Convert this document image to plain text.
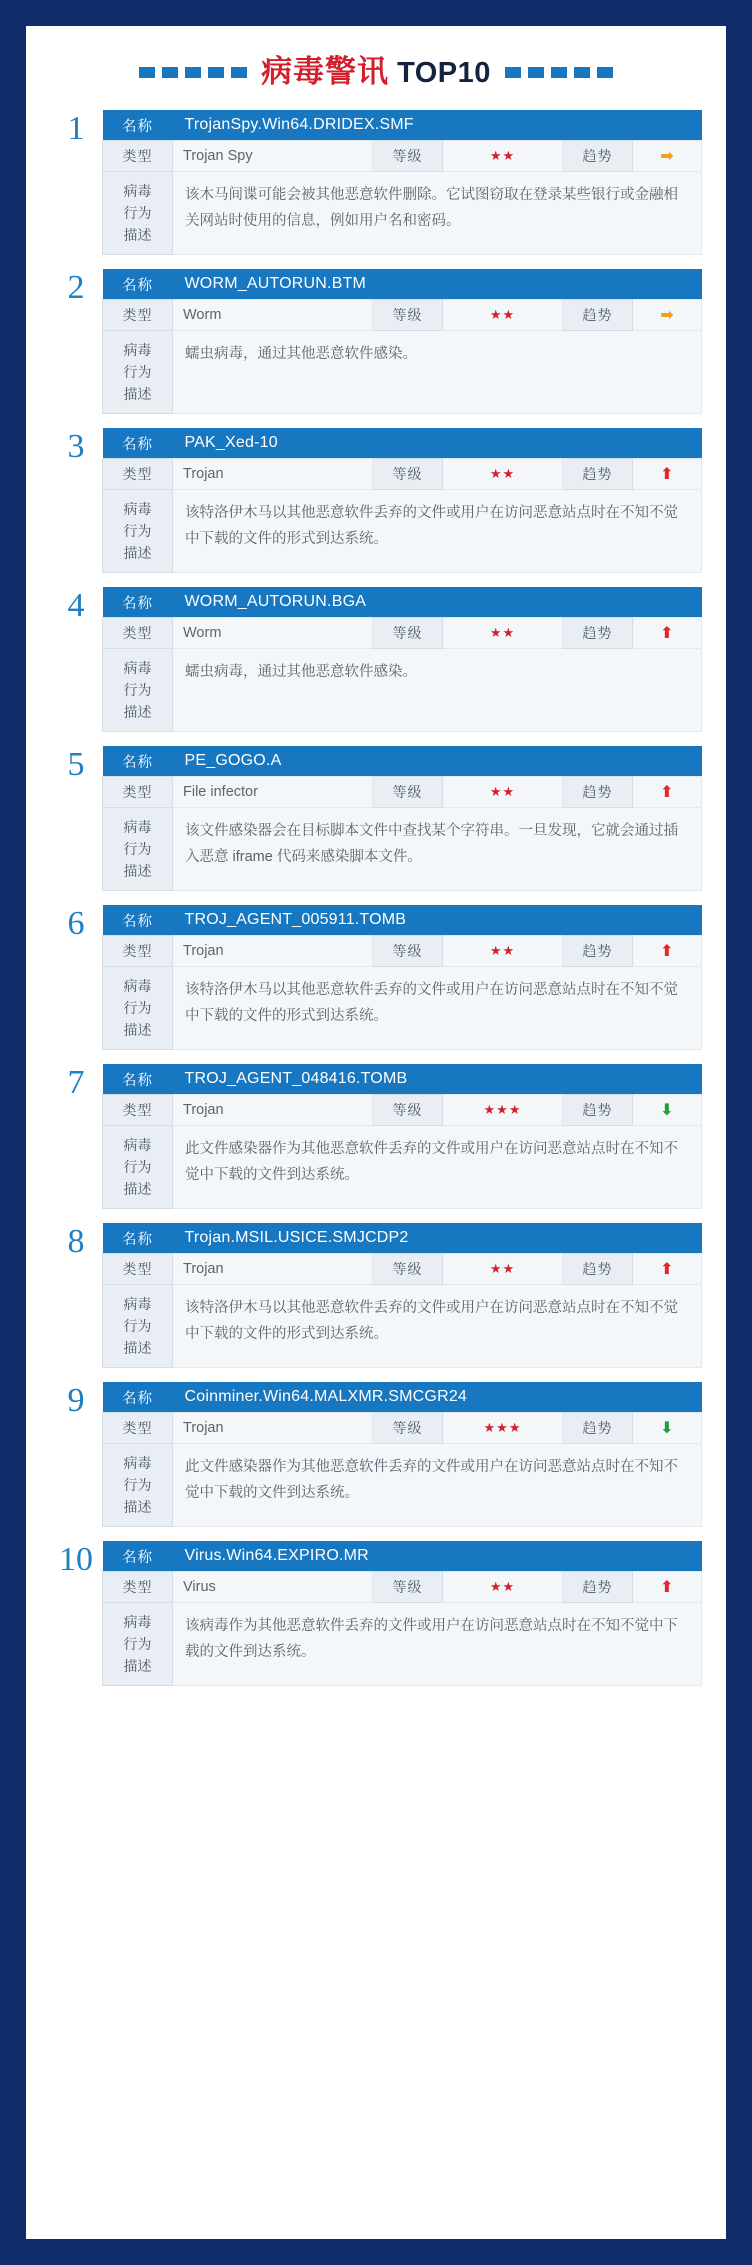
病毒警讯 TOP10
1	名称	TrojanSpy.Win64.DRIDEX.SMF				
类型	Trojan Spy	等级	★★	趋势	➡

病毒
行为
描述	该木马间谍可能会被其他恶意软件删除。它试图窃取在登录某些银行或金融相关网站时使用的信息，例如用户名和密码。				
2	名称	WORM_AUTORUN.BTM				
类型	Worm	等级	★★	趋势	➡

病毒
行为
描述	蠕虫病毒，通过其他恶意软件感染。				
3	名称	PAK_Xed-10				
类型	Trojan	等级	★★	趋势	⬆

病毒
行为
描述	该特洛伊木马以其他恶意软件丢弃的文件或用户在访问恶意站点时在不知不觉中下载的文件的形式到达系统。				
4	名称	WORM_AUTORUN.BGA				
类型	Worm	等级	★★	趋势	⬆

病毒
行为
描述	蠕虫病毒，通过其他恶意软件感染。				
5	名称	PE_GOGO.A				
类型	File infector	等级	★★	趋势	⬆

病毒
行为
描述	该文件感染器会在目标脚本文件中查找某个字符串。一旦发现，它就会通过插入恶意 iframe 代码来感染脚本文件。				
6	名称	TROJ_AGENT_005911.TOMB				
类型	Trojan	等级	★★	趋势	⬆

病毒
行为
描述	该特洛伊木马以其他恶意软件丢弃的文件或用户在访问恶意站点时在不知不觉中下载的文件的形式到达系统。				
7	名称	TROJ_AGENT_048416.TOMB				
类型	Trojan	等级	★★★	趋势	⬇

病毒
行为
描述	此文件感染器作为其他恶意软件丢弃的文件或用户在访问恶意站点时在不知不觉中下载的文件到达系统。				
8	名称	Trojan.MSIL.USICE.SMJCDP2				
类型	Trojan	等级	★★	趋势	⬆

病毒
行为
描述	该特洛伊木马以其他恶意软件丢弃的文件或用户在访问恶意站点时在不知不觉中下载的文件的形式到达系统。				
9	名称	Coinminer.Win64.MALXMR.SMCGR24				
类型	Trojan	等级	★★★	趋势	⬇

病毒
行为
描述	此文件感染器作为其他恶意软件丢弃的文件或用户在访问恶意站点时在不知不觉中下载的文件到达系统。				
10	名称	Virus.Win64.EXPIRO.MR				
类型	Virus	等级	★★	趋势	⬆

病毒
行为
描述	该病毒作为其他恶意软件丢弃的文件或用户在访问恶意站点时在不知不觉中下载的文件到达系统。				
